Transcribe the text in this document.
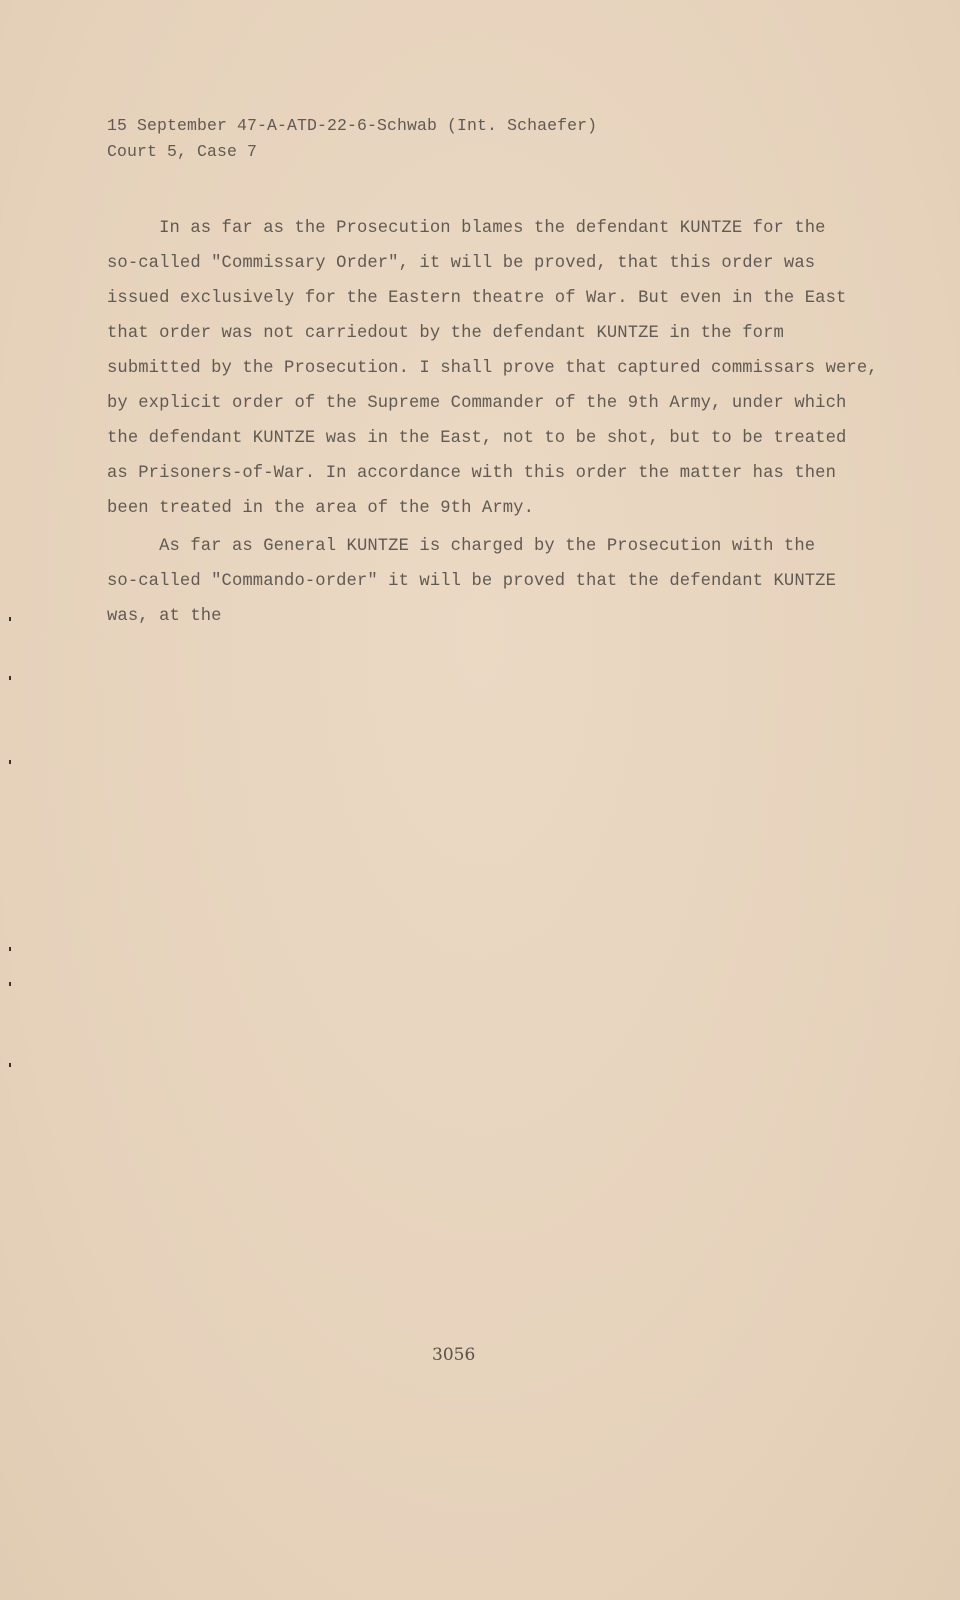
15 September 47-A-ATD-22-6-Schwab (Int. Schaefer)
Court 5, Case 7
In as far as the Prosecution blames the defendant KUNTZE for the
so-called "Commissary Order", it will be proved, that this order was
issued exclusively for the Eastern theatre of War. But even in the East
that order was not carriedout by the defendant KUNTZE in the form
submitted by the Prosecution. I shall prove that captured commissars were,
by explicit order of the Supreme Commander of the 9th Army, under which
the defendant KUNTZE was in the East, not to be shot, but to be treated
as Prisoners-of-War. In accordance with this order the matter has then
been treated in the area of the 9th Army.
As far as General KUNTZE is charged by the Prosecution with the
so-called "Commando-order" it will be proved that the defendant KUNTZE
was, at the
3056
